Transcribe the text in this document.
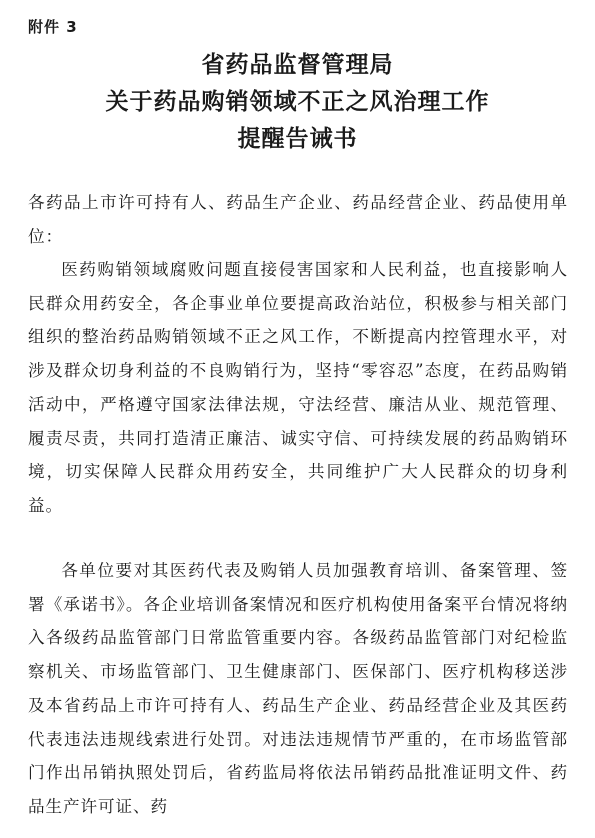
附件 3
省药品监督管理局
关于药品购销领域不正之风治理工作
提醒告诫书

各药品上市许可持有人、药品生产企业、药品经营企业、药品使用单位：

医药购销领域腐败问题直接侵害国家和人民利益，也直接影响人民群众用药安全，各企事业单位要提高政治站位，积极参与相关部门组织的整治药品购销领域不正之风工作，不断提高内控管理水平，对涉及群众切身利益的不良购销行为，坚持“零容忍”态度，在药品购销活动中，严格遵守国家法律法规，守法经营、廉洁从业、规范管理、履责尽责，共同打造清正廉洁、诚实守信、可持续发展的药品购销环境，切实保障人民群众用药安全，共同维护广大人民群众的切身利益。

各单位要对其医药代表及购销人员加强教育培训、备案管理、签署《承诺书》。各企业培训备案情况和医疗机构使用备案平台情况将纳入各级药品监管部门日常监管重要内容。各级药品监管部门对纪检监察机关、市场监管部门、卫生健康部门、医保部门、医疗机构移送涉及本省药品上市许可持有人、药品生产企业、药品经营企业及其医药代表违法违规线索进行处罚。对违法违规情节严重的，在市场监管部门作出吊销执照处罚后，省药监局将依法吊销药品批准证明文件、药品生产许可证、药
